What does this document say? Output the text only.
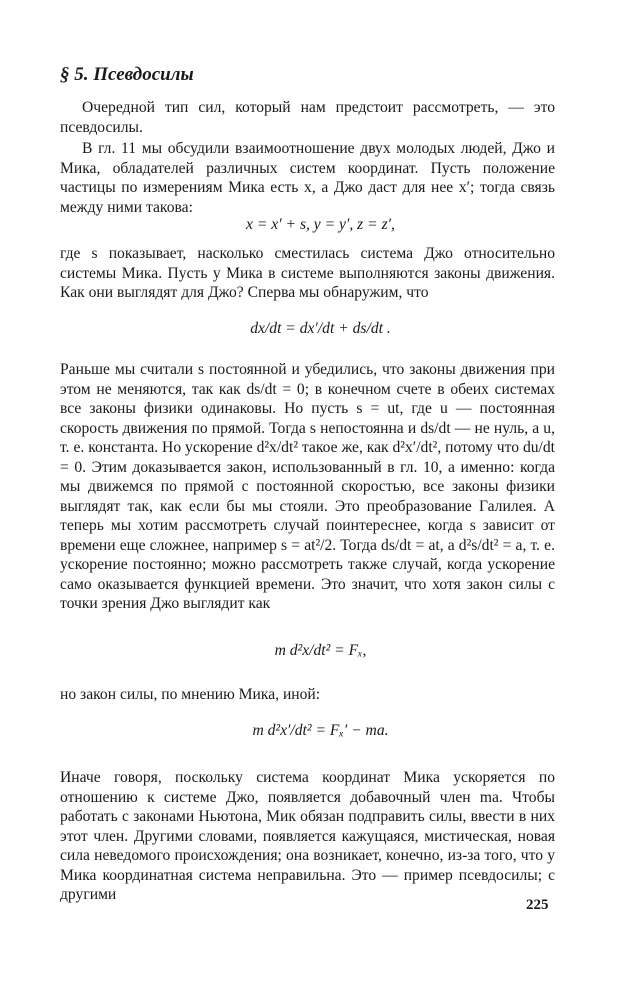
§ 5. Псевдосилы

Очередной тип сил, который нам предстоит рассмотреть, — это псевдосилы.

В гл. 11 мы обсудили взаимоотношение двух молодых людей, Джо и Мика, обладателей различных систем координат. Пусть положение частицы по измерениям Мика есть x, а Джо даст для нее x′; тогда связь между ними такова:

x = x′ + s, y = y′, z = z′,

где s показывает, насколько сместилась система Джо относительно системы Мика. Пусть у Мика в системе выполняются законы движения. Как они выглядят для Джо? Сперва мы обнаружим, что

dx/dt = dx′/dt + ds/dt .

Раньше мы считали s постоянной и убедились, что законы движения при этом не меняются, так как ds/dt = 0; в конечном счете в обеих системах все законы физики одинаковы. Но пусть s = ut, где u — постоянная скорость движения по прямой. Тогда s непостоянна и ds/dt — не нуль, а u, т. е. константа. Но ускорение d²x/dt² такое же, как d²x′/dt², потому что du/dt = 0. Этим доказывается закон, использованный в гл. 10, а именно: когда мы движемся по прямой с постоянной скоростью, все законы физики выглядят так, как если бы мы стояли. Это преобразование Галилея. А теперь мы хотим рассмотреть случай поинтереснее, когда s зависит от времени еще сложнее, например s = at²/2. Тогда ds/dt = at, а d²s/dt² = a, т. е. ускорение постоянно; можно рассмотреть также случай, когда ускорение само оказывается функцией времени. Это значит, что хотя закон силы с точки зрения Джо выглядит как

m d²x/dt² = Fₓ,

но закон силы, по мнению Мика, иной:

m d²x′/dt² = Fₓ′ − ma.

Иначе говоря, поскольку система координат Мика ускоряется по отношению к системе Джо, появляется добавочный член ma. Чтобы работать с законами Ньютона, Мик обязан подправить силы, ввести в них этот член. Другими словами, появляется кажущаяся, мистическая, новая сила неведомого происхождения; она возникает, конечно, из-за того, что у Мика координатная система неправильна. Это — пример псевдосилы; с другими

225
